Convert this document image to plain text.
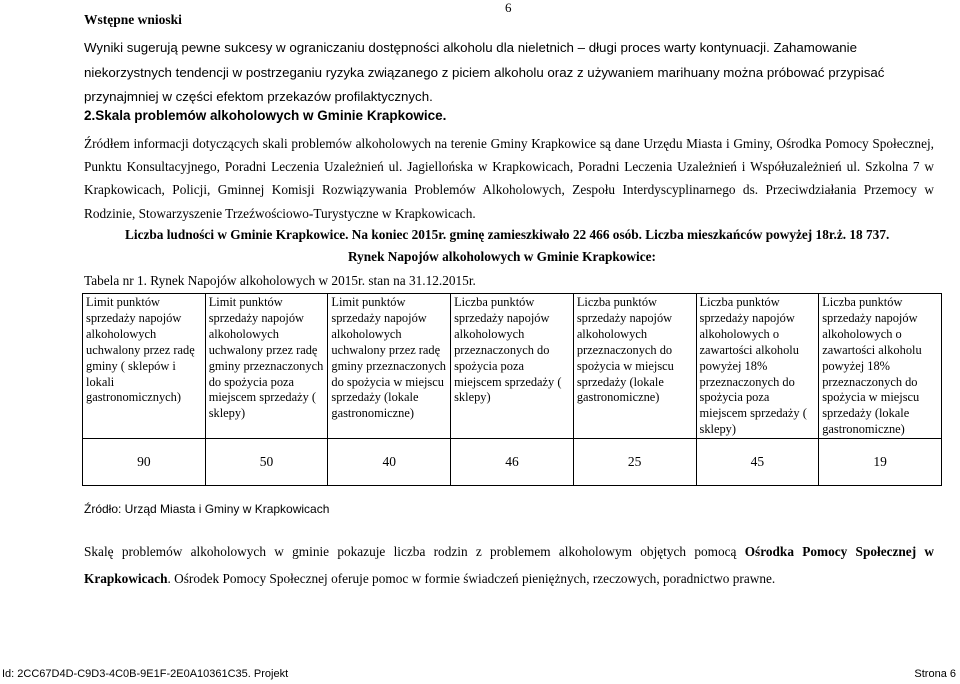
6
Wstępne wnioski
Wyniki sugerują pewne sukcesy w ograniczaniu dostępności alkoholu dla nieletnich – długi proces warty kontynuacji. Zahamowanie niekorzystnych tendencji w postrzeganiu ryzyka związanego z piciem alkoholu oraz z używaniem marihuany można próbować przypisać przynajmniej w części efektom przekazów profilaktycznych.
2.Skala problemów alkoholowych w Gminie Krapkowice.
Źródłem informacji dotyczących skali problemów alkoholowych na terenie Gminy Krapkowice są dane Urzędu Miasta i Gminy, Ośrodka Pomocy Społecznej, Punktu Konsultacyjnego, Poradni Leczenia Uzależnień ul. Jagiellońska w Krapkowicach, Poradni Leczenia Uzależnień i Współuzależnień ul. Szkolna 7 w Krapkowicach, Policji, Gminnej Komisji Rozwiązywania Problemów Alkoholowych, Zespołu Interdyscyplinarnego ds. Przeciwdziałania Przemocy w Rodzinie, Stowarzyszenie Trzeźwościowo-Turystyczne w Krapkowicach.
Liczba ludności w Gminie Krapkowice. Na koniec 2015r. gminę zamieszkiwało 22 466 osób. Liczba mieszkańców powyżej 18r.ż. 18 737.
Rynek Napojów alkoholowych w Gminie Krapkowice:
Tabela nr 1. Rynek Napojów alkoholowych w 2015r. stan na 31.12.2015r.
Limit punktów sprzedaży napojów alkoholowych uchwalony przez radę gminy ( sklepów i lokali gastronomicznych)	Limit punktów sprzedaży napojów alkoholowych uchwalony przez radę gminy przeznaczonych do spożycia poza miejscem sprzedaży ( sklepy)	Limit punktów sprzedaży napojów alkoholowych uchwalony przez radę gminy przeznaczonych do spożycia w miejscu sprzedaży (lokale gastronomiczne)	Liczba punktów sprzedaży napojów alkoholowych przeznaczonych do spożycia poza miejscem sprzedaży ( sklepy)	Liczba punktów sprzedaży napojów alkoholowych przeznaczonych do spożycia w miejscu sprzedaży (lokale gastronomiczne)	Liczba punktów sprzedaży napojów alkoholowych o zawartości alkoholu powyżej 18% przeznaczonych do spożycia poza miejscem sprzedaży ( sklepy)	Liczba punktów sprzedaży napojów alkoholowych o zawartości alkoholu powyżej 18% przeznaczonych do spożycia w miejscu sprzedaży (lokale gastronomiczne)
90	50	40	46	25	45	19
Źródło: Urząd Miasta i Gminy w Krapkowicach
Skalę problemów alkoholowych w gminie pokazuje liczba rodzin z problemem alkoholowym objętych pomocą Ośrodka Pomocy Społecznej w Krapkowicach. Ośrodek Pomocy Społecznej oferuje pomoc w formie świadczeń pieniężnych, rzeczowych, poradnictwo prawne.
Id: 2CC67D4D-C9D3-4C0B-9E1F-2E0A10361C35. Projekt	Strona 6
